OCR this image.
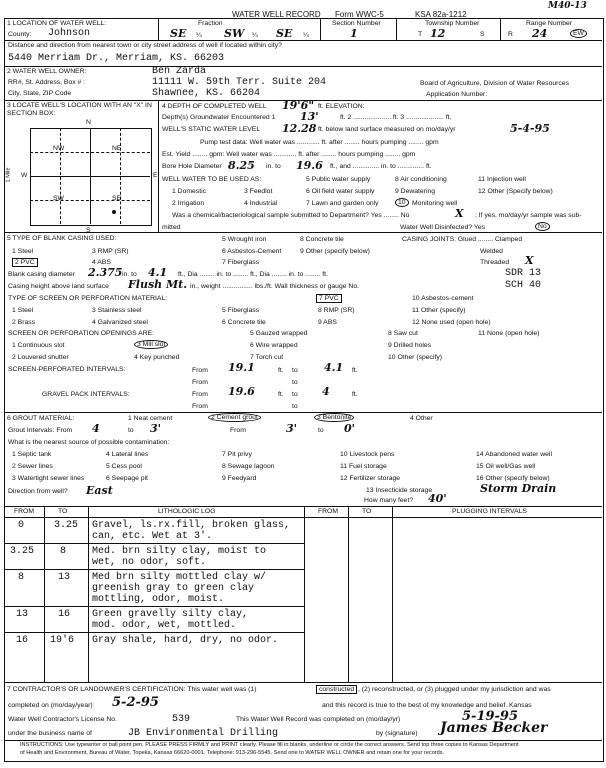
M40-13
WATER WELL RECORD Form WWC-5	KSA 82a-1212
1 LOCATION OF WATER WELL:
County: Johnson
Fraction
SE ¼ SW ¼ SE ¼
Section Number
1
Township Number
T 12	S
Range Number
R 24	EW
Distance and direction from nearest town or city street address of well if located within city?
5440 Merriam Dr., Merriam, KS. 66203
2 WATER WELL OWNER:	Ben Zarda
RR#, St. Address, Box # :	11111 W. 59th Terr. Suite 204	Board of Agriculture, Division of Water Resources
City, State, ZIP Code	Shawnee, KS. 66204	Application Number:
3 LOCATE WELL'S LOCATION WITH AN "X" IN SECTION BOX:
N
W	E
S
1 Mile
NW	NE
SW	SE
4 DEPTH OF COMPLETED WELL 19'6" ft. ELEVATION:
Depth(s) Groundwater Encountered 1 13'	ft. 2 .................... ft. 3 .................... ft.
WELL'S STATIC WATER LEVEL 12.28 ft. below land surface measured on mo/day/yr	5-4-95
Pump test data: Well water was ............ ft. after ........ hours pumping ........ gpm
Est. Yield ........ gpm: Well water was ............ ft. after ........ hours pumping ........ gpm
Bore Hole Diameter 8.25 in. to 19.6 ft., and .............. in. to .............. ft.
WELL WATER TO BE USED AS:	5 Public water supply	8 Air conditioning	11 Injection well
1 Domestic	3 Feedlot	6 Oil field water supply	9 Dewatering	12 Other (Specify below)
2 Irrigation	4 Industrial	7 Lawn and garden only	10 Monitoring well
Was a chemical/bacteriological sample submitted to Department? Yes ........ No	X ; If yes, mo/day/yr sample was sub-
mitted	Water Well Disinfected? Yes	No
5 TYPE OF BLANK CASING USED:	5 Wrought iron	8 Concrete tile	CASING JOINTS: Glued ........ Clamped
1 Steel	3 RMP (SR)	6 Asbestos-Cement	9 Other (specify below)	Welded
2 PVC	4 ABS	7 Fiberglass	Threaded X
Blank casing diameter 2.375 in. to 4.1 ft., Dia ........ in. to ........ ft., Dia ........ in. to ........ ft.	SDR 13
Casing height above land surface Flush Mt. in., weight ................ lbs./ft. Wall thickness or gauge No.	SCH 40
TYPE OF SCREEN OR PERFORATION MATERIAL:	7 PVC	10 Asbestos-cement
1 Steel	3 Stainless steel	5 Fiberglass	8 RMP (SR)	11 Other (specify)
2 Brass	4 Galvanized steel	6 Concrete tile	9 ABS	12 None used (open hole)
SCREEN OR PERFORATION OPENINGS ARE:	5 Gauzed wrapped	8 Saw cut	11 None (open hole)
1 Continuous slot	3 Mill slot	6 Wire wrapped	9 Drilled holes
2 Louvered shutter	4 Key punched	7 Torch cut	10 Other (specify)
SCREEN-PERFORATED INTERVALS:	From 19.1	ft. to 4.1 ft.
From	to
GRAVEL PACK INTERVALS:	From 19.6	ft. to 4	ft.
From	to
6 GROUT MATERIAL:	1 Neat cement	2 Cement grout	3 Bentonite	4 Other
Grout Intervals: From 4	to 3'	From	3'	to 0'
What is the nearest source of possible contamination:
1 Septic tank	4 Lateral lines	7 Pit privy	10 Livestock pens	14 Abandoned water well
2 Sewer lines	5 Cess pool	8 Sewage lagoon	11 Fuel storage	15 Oil well/Gas well
3 Watertight sewer lines	6 Seepage pit	9 Feedyard	12 Fertilizer storage	16 Other (specify below)
13 Insecticide storage	Storm Drain
Direction from well? East
How many feet? 40'
FROM	TO	LITHOLOGIC LOG	FROM	TO	PLUGGING INTERVALS
0	3.25 Gravel, ls.rx.fill, broken glass,
can, etc. Wet at 3'.
3.25	8	Med. brn silty clay, moist to
wet, no odor, soft.
8	13 Med brn silty mottled clay w/
greenish gray to green clay
mottling, odor, moist.
13	16 Green gravelly silty clay,
mod. odor, wet, mottled.
16 19'6 Gray shale, hard, dry, no odor.
7 CONTRACTOR'S OR LANDOWNER'S CERTIFICATION: This water well was (1)	constructed , (2) reconstructed, or (3) plugged under my jurisdiction and was
completed on (mo/day/year) 5-2-95	and this record is true to the best of my knowledge and belief. Kansas
Water Well Contractor's License No.	539	This Water Well Record was completed on (mo/day/yr)	5-19-95
under the business name of	JB Environmental Drilling	by (signature) James Becker
INSTRUCTIONS: Use typewriter or ball point pen. PLEASE PRESS FIRMLY and PRINT clearly. Please fill in blanks, underline or circle the correct answers. Send top three copies to Kansas Department
of Health and Environment, Bureau of Water, Topeka, Kansas 66620-0001. Telephone: 913-296-5545. Send one to WATER WELL OWNER and retain one for your records.
